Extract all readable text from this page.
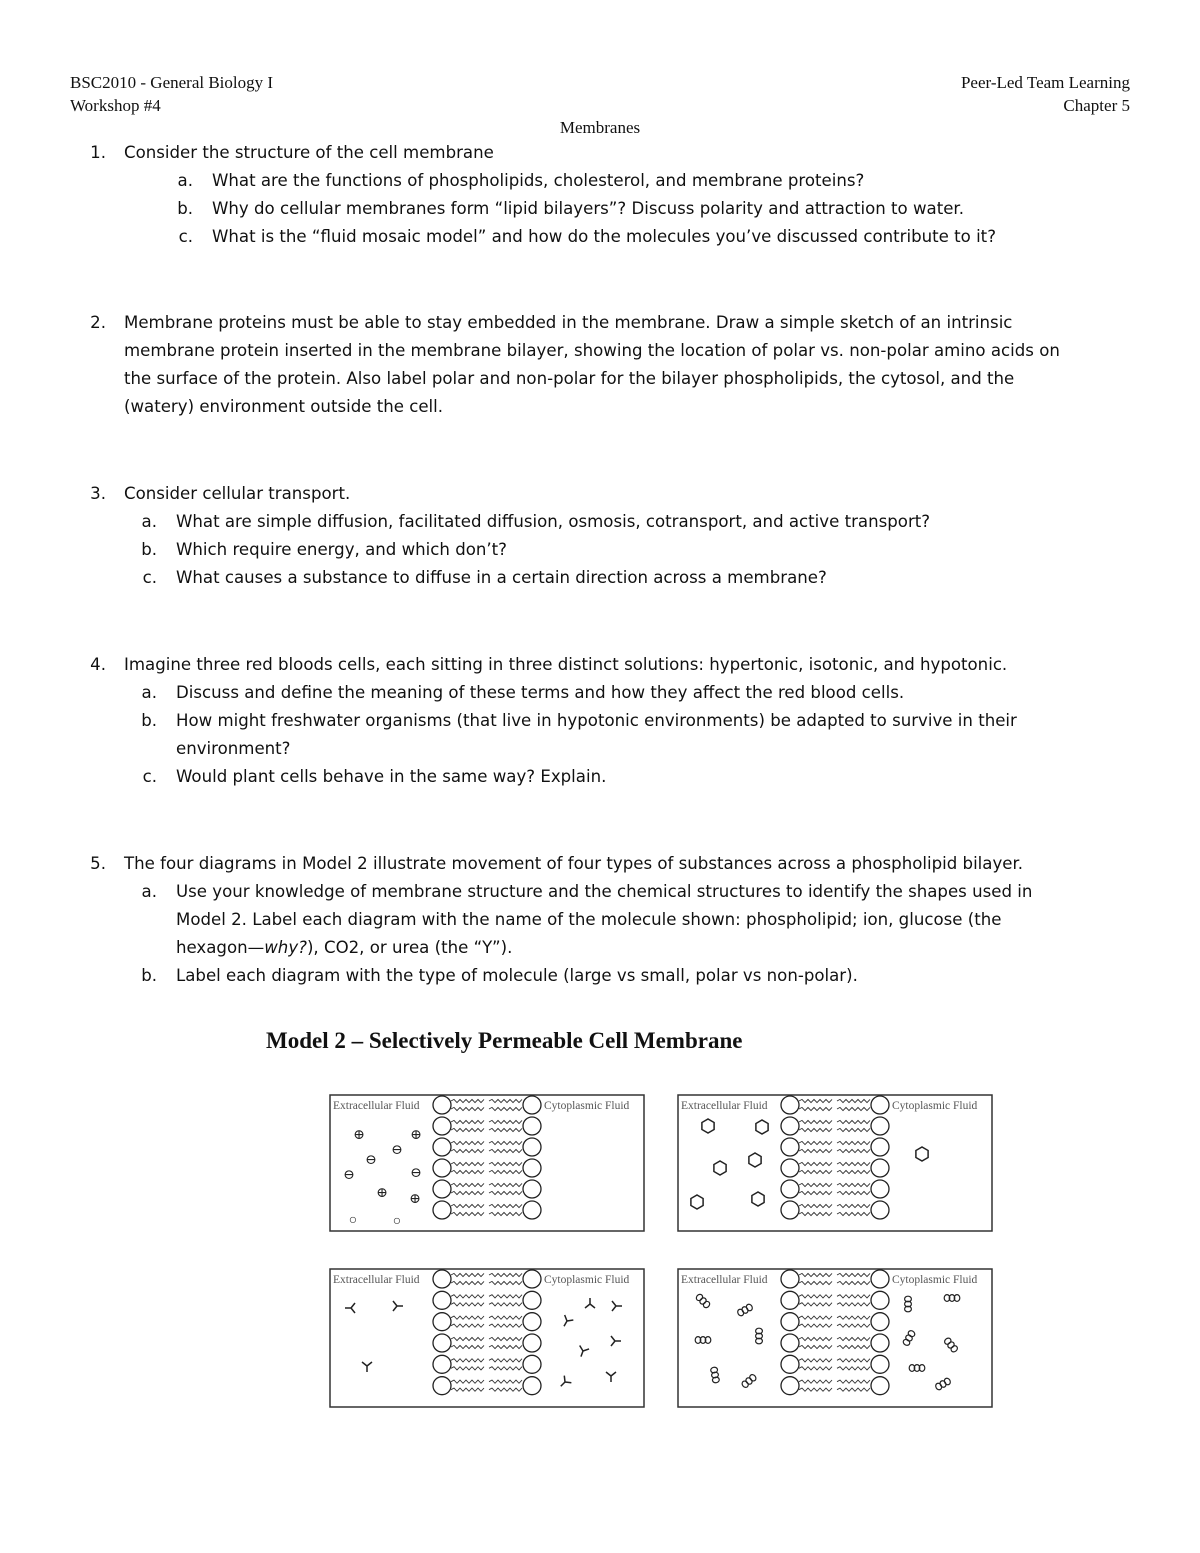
BSC2010 - General Biology I
Workshop #4
Peer-Led Team Learning
Chapter 5
Membranes
1. Consider the structure of the cell membrane
a. What are the functions of phospholipids, cholesterol, and membrane proteins?
b. Why do cellular membranes form “lipid bilayers”? Discuss polarity and attraction to water.
c. What is the “fluid mosaic model” and how do the molecules you’ve discussed contribute to it?
2. Membrane proteins must be able to stay embedded in the membrane. Draw a simple sketch of an intrinsic
membrane protein inserted in the membrane bilayer, showing the location of polar vs. non-polar amino acids on
the surface of the protein. Also label polar and non-polar for the bilayer phospholipids, the cytosol, and the
(watery) environment outside the cell.
3. Consider cellular transport.
a. What are simple diffusion, facilitated diffusion, osmosis, cotransport, and active transport?
b. Which require energy, and which don’t?
c. What causes a substance to diffuse in a certain direction across a membrane?
4. Imagine three red bloods cells, each sitting in three distinct solutions: hypertonic, isotonic, and hypotonic.
a. Discuss and define the meaning of these terms and how they affect the red blood cells.
b. How might freshwater organisms (that live in hypotonic environments) be adapted to survive in their
environment?
c. Would plant cells behave in the same way? Explain.
5. The four diagrams in Model 2 illustrate movement of four types of substances across a phospholipid bilayer.
a. Use your knowledge of membrane structure and the chemical structures to identify the shapes used in
Model 2. Label each diagram with the name of the molecule shown: phospholipid; ion, glucose (the
hexagon—why?), CO2, or urea (the “Y”).
b. Label each diagram with the type of molecule (large vs small, polar vs non-polar).
Model 2 – Selectively Permeable Cell Membrane
Extracellular Fluid	Cytoplasmic Fluid
⊕	⊕
⊖
⊖
⊖
⊖
⊕ ⊕
○	○
Extracellular Fluid	Cytoplasmic Fluid
Extracellular Fluid	Cytoplasmic Fluid	Extracellular Fluid	Cytoplasmic Fluid
